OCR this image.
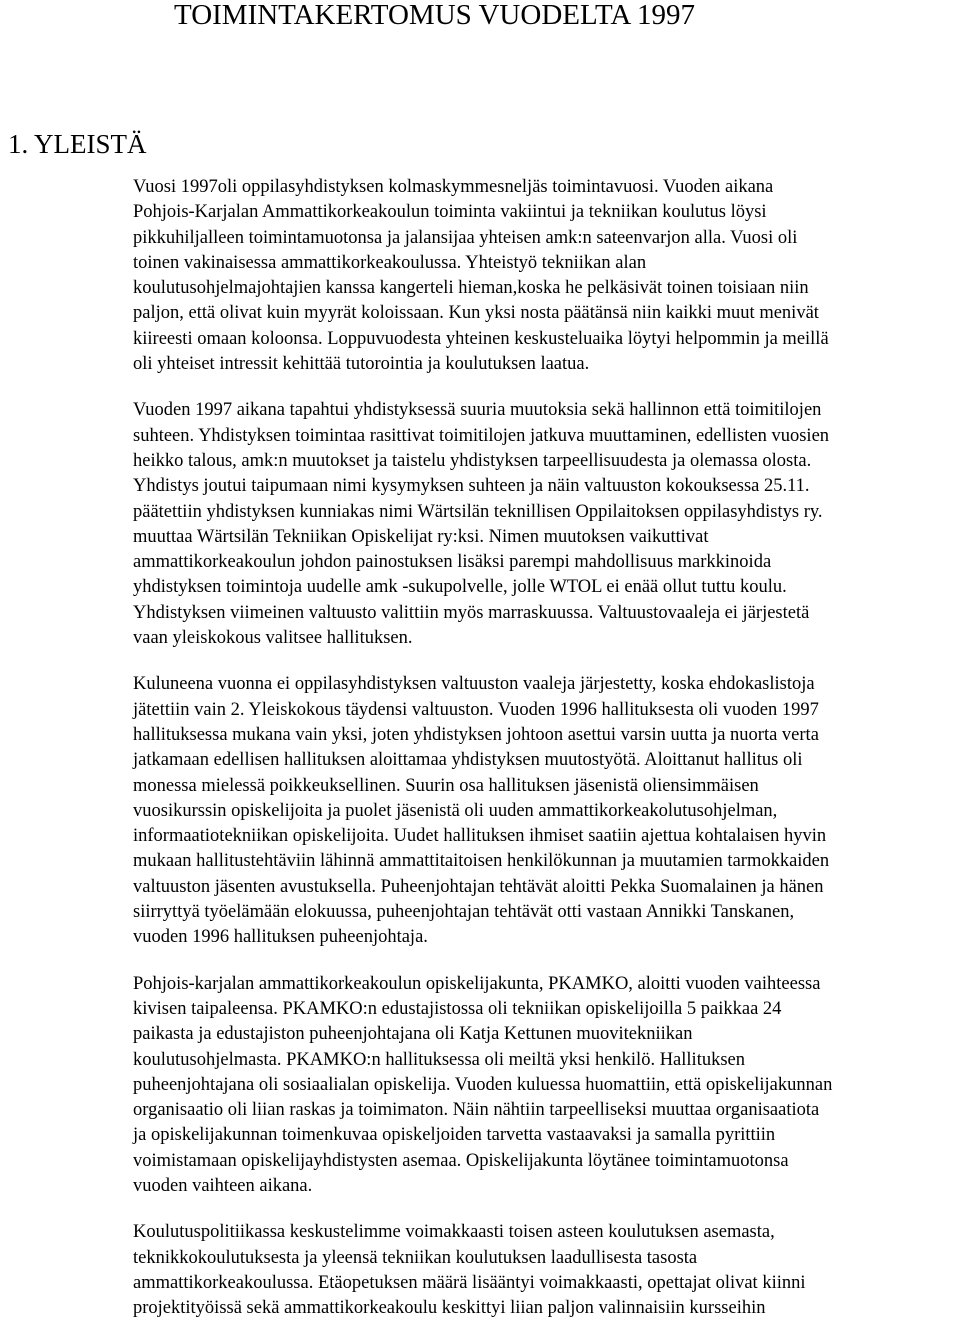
TOIMINTAKERTOMUS VUODELTA 1997
1. YLEISTÄ

Vuosi 1997oli oppilasyhdistyksen kolmaskymmesneljäs toimintavuosi. Vuoden aikana
Pohjois-Karjalan Ammattikorkeakoulun toiminta vakiintui ja tekniikan koulutus löysi
pikkuhiljalleen toimintamuotonsa ja jalansijaa yhteisen amk:n sateenvarjon alla. Vuosi oli
toinen vakinaisessa ammattikorkeakoulussa. Yhteistyö tekniikan alan
koulutusohjelmajohtajien kanssa kangerteli hieman,koska he pelkäsivät toinen toisiaan niin
paljon, että olivat kuin myyrät koloissaan. Kun yksi nosta päätänsä niin kaikki muut menivät
kiireesti omaan koloonsa. Loppuvuodesta yhteinen keskusteluaika löytyi helpommin ja meillä
oli yhteiset intressit kehittää tutorointia ja koulutuksen laatua.

Vuoden 1997 aikana tapahtui yhdistyksessä suuria muutoksia sekä hallinnon että toimitilojen
suhteen. Yhdistyksen toimintaa rasittivat toimitilojen jatkuva muuttaminen, edellisten vuosien
heikko talous, amk:n muutokset ja taistelu yhdistyksen tarpeellisuudesta ja olemassa olosta.
Yhdistys joutui taipumaan nimi kysymyksen suhteen ja näin valtuuston kokouksessa 25.11.
päätettiin yhdistyksen kunniakas nimi Wärtsilän teknillisen Oppilaitoksen oppilasyhdistys ry.
muuttaa Wärtsilän Tekniikan Opiskelijat ry:ksi. Nimen muutoksen vaikuttivat
ammattikorkeakoulun johdon painostuksen lisäksi parempi mahdollisuus markkinoida
yhdistyksen toimintoja uudelle amk -sukupolvelle, jolle WTOL ei enää ollut tuttu koulu.
Yhdistyksen viimeinen valtuusto valittiin myös marraskuussa. Valtuustovaaleja ei järjestetä
vaan yleiskokous valitsee hallituksen.

Kuluneena vuonna ei oppilasyhdistyksen valtuuston vaaleja järjestetty, koska ehdokaslistoja
jätettiin vain 2. Yleiskokous täydensi valtuuston. Vuoden 1996 hallituksesta oli vuoden 1997
hallituksessa mukana vain yksi, joten yhdistyksen johtoon asettui varsin uutta ja nuorta verta
jatkamaan edellisen hallituksen aloittamaa yhdistyksen muutostyötä. Aloittanut hallitus oli
monessa mielessä poikkeuksellinen. Suurin osa hallituksen jäsenistä oliensimmäisen
vuosikurssin opiskelijoita ja puolet jäsenistä oli uuden ammattikorkeakolutusohjelman,
informaatiotekniikan opiskelijoita. Uudet hallituksen ihmiset saatiin ajettua kohtalaisen hyvin
mukaan hallitustehtäviin lähinnä ammattitaitoisen henkilökunnan ja muutamien tarmokkaiden
valtuuston jäsenten avustuksella. Puheenjohtajan tehtävät aloitti Pekka Suomalainen ja hänen
siirryttyä työelämään elokuussa, puheenjohtajan tehtävät otti vastaan Annikki Tanskanen,
vuoden 1996 hallituksen puheenjohtaja.

Pohjois-karjalan ammattikorkeakoulun opiskelijakunta, PKAMKO, aloitti vuoden vaihteessa
kivisen taipaleensa. PKAMKO:n edustajistossa oli tekniikan opiskelijoilla 5 paikkaa 24
paikasta ja edustajiston puheenjohtajana oli Katja Kettunen muovitekniikan
koulutusohjelmasta. PKAMKO:n hallituksessa oli meiltä yksi henkilö. Hallituksen
puheenjohtajana oli sosiaalialan opiskelija. Vuoden kuluessa huomattiin, että opiskelijakunnan
organisaatio oli liian raskas ja toimimaton. Näin nähtiin tarpeelliseksi muuttaa organisaatiota
ja opiskelijakunnan toimenkuvaa opiskeljoiden tarvetta vastaavaksi ja samalla pyrittiin
voimistamaan opiskelijayhdistysten asemaa. Opiskelijakunta löytänee toimintamuotonsa
vuoden vaihteen aikana.

Koulutuspolitiikassa keskustelimme voimakkaasti toisen asteen koulutuksen asemasta,
teknikkokoulutuksesta ja yleensä tekniikan koulutuksen laadullisesta tasosta
ammattikorkeakoulussa. Etäopetuksen määrä lisääntyi voimakkaasti, opettajat olivat kiinni
projektityöissä sekä ammattikorkeakoulu keskittyi liian paljon valinnaisiin kursseihin
